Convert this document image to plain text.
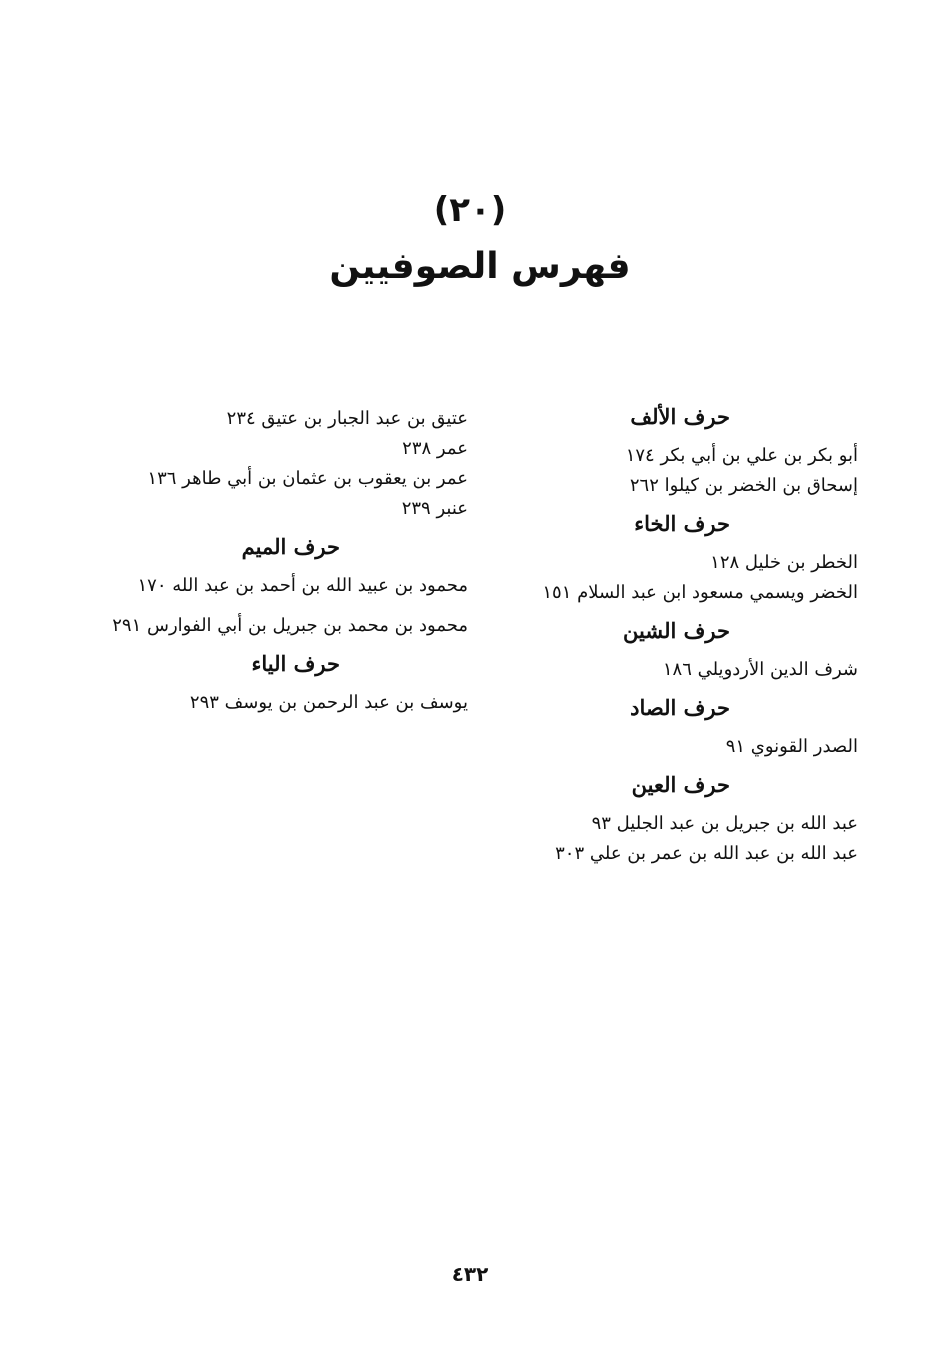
(٢٠)
فهرس الصوفيين

حرف الألف

أبو بكر بن علي بن أبي بكر ١٧٤

إسحاق بن الخضر بن كيلوا ٢٦٢

حرف الخاء

الخطر بن خليل ١٢٨

الخضر ويسمي مسعود ابن عبد السلام ١٥١

حرف الشين

شرف الدين الأردويلي ١٨٦

حرف الصاد

الصدر القونوي ٩١

حرف العين

عبد الله بن جبريل بن عبد الجليل ٩٣

عبد الله بن عبد الله بن عمر بن علي ٣٠٣

عتيق بن عبد الجبار بن عتيق ٢٣٤

عمر ٢٣٨

عمر بن يعقوب بن عثمان بن أبي طاهر ١٣٦

عنبر ٢٣٩

حرف الميم

محمود بن عبيد الله بن أحمد بن عبد الله ١٧٠

محمود بن محمد بن جبريل بن أبي الفوارس ٢٩١

حرف الياء

يوسف بن عبد الرحمن بن يوسف ٢٩٣

٤٣٢
